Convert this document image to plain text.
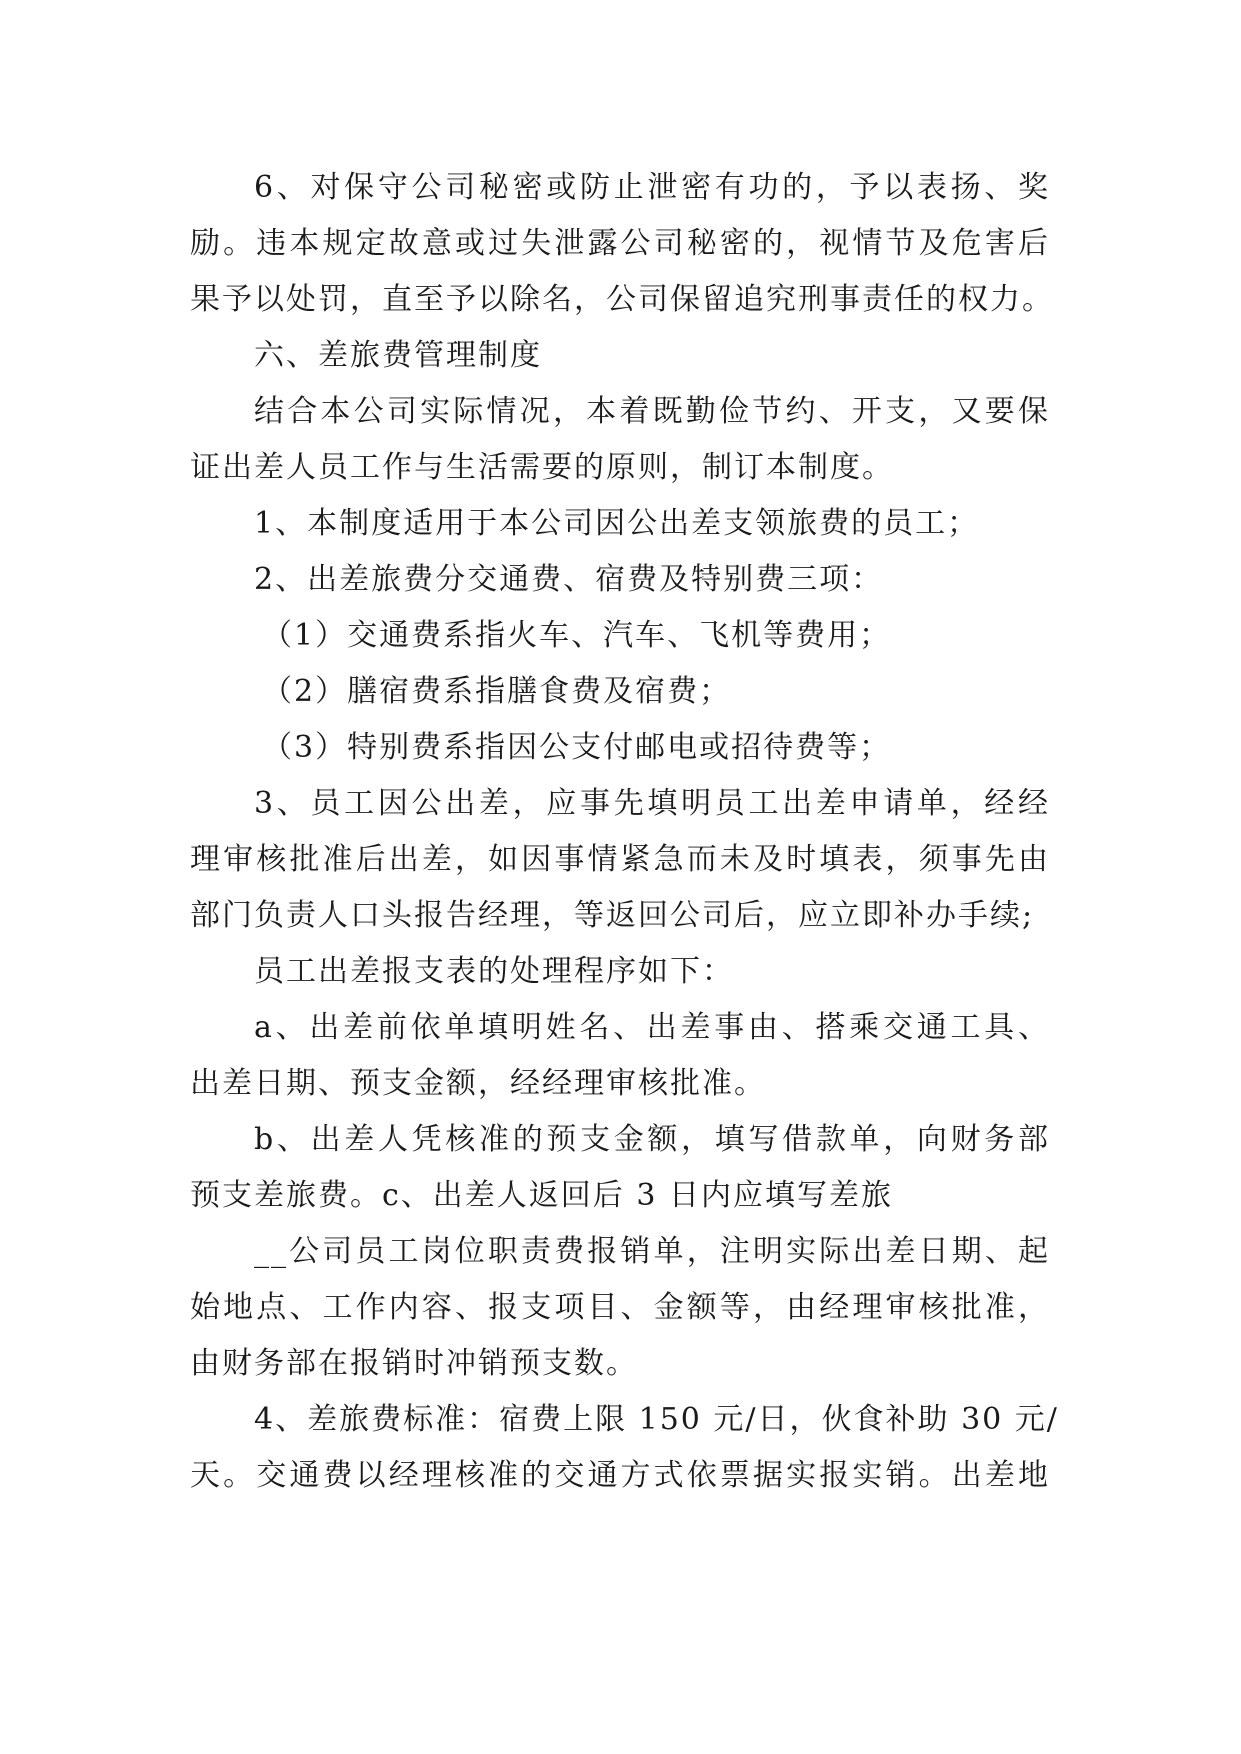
6、对保守公司秘密或防止泄密有功的，予以表扬、奖
励。违本规定故意或过失泄露公司秘密的，视情节及危害后
果予以处罚，直至予以除名，公司保留追究刑事责任的权力。
六、差旅费管理制度
结合本公司实际情况，本着既勤俭节约、开支，又要保
证出差人员工作与生活需要的原则，制订本制度。
1、本制度适用于本公司因公出差支领旅费的员工；
2、出差旅费分交通费、宿费及特别费三项：
（1）交通费系指火车、汽车、飞机等费用；
（2）膳宿费系指膳食费及宿费；
（3）特别费系指因公支付邮电或招待费等；
3、员工因公出差，应事先填明员工出差申请单，经经
理审核批准后出差，如因事情紧急而未及时填表，须事先由
部门负责人口头报告经理，等返回公司后，应立即补办手续;
员工出差报支表的处理程序如下：
a、出差前依单填明姓名、出差事由、搭乘交通工具、
出差日期、预支金额，经经理审核批准。
b、出差人凭核准的预支金额，填写借款单，向财务部
预支差旅费。c、出差人返回后 3 日内应填写差旅
__公司员工岗位职责费报销单，注明实际出差日期、起
始地点、工作内容、报支项目、金额等，由经理审核批准，
由财务部在报销时冲销预支数。
4、差旅费标准：宿费上限 150 元/日，伙食补助 30 元/
天。交通费以经理核准的交通方式依票据实报实销。出差地
